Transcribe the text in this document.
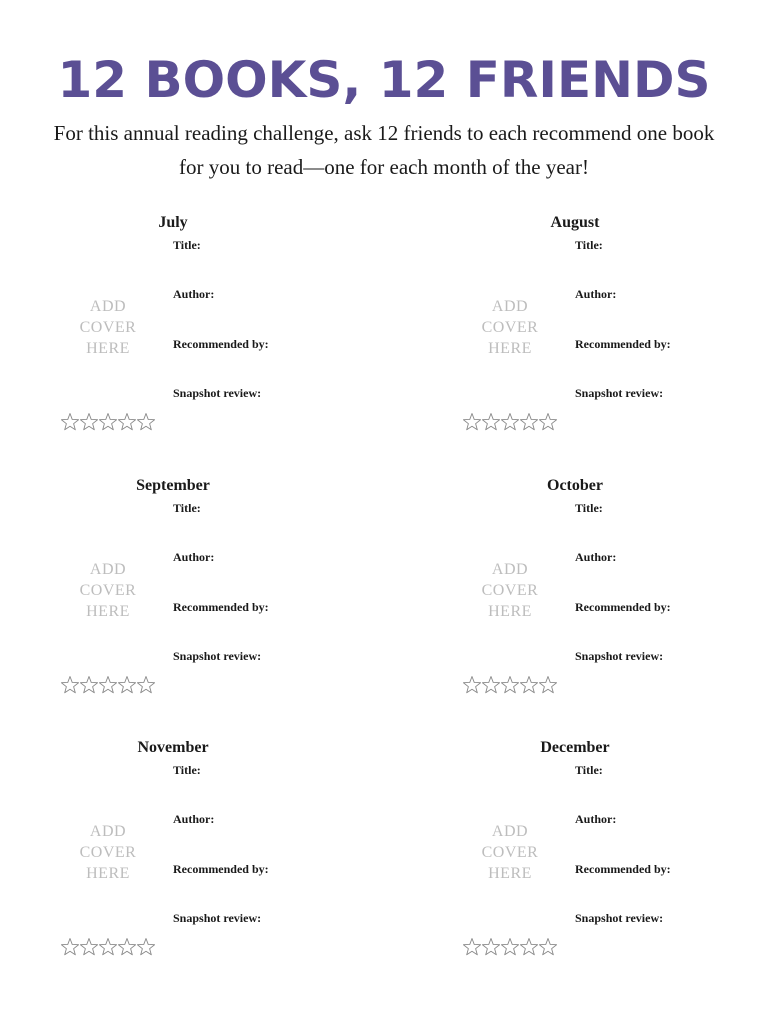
12 BOOKS, 12 FRIENDS

For this annual reading challenge, ask 12 friends to each recommend one book for you to read—one for each month of the year!

July
ADD COVER HERE
Title:
Author:
Recommended by:
Snapshot review:
August
ADD COVER HERE
Title:
Author:
Recommended by:
Snapshot review:
September
ADD COVER HERE
Title:
Author:
Recommended by:
Snapshot review:
October
ADD COVER HERE
Title:
Author:
Recommended by:
Snapshot review:
November
ADD COVER HERE
Title:
Author:
Recommended by:
Snapshot review:
December
ADD COVER HERE
Title:
Author:
Recommended by:
Snapshot review:
